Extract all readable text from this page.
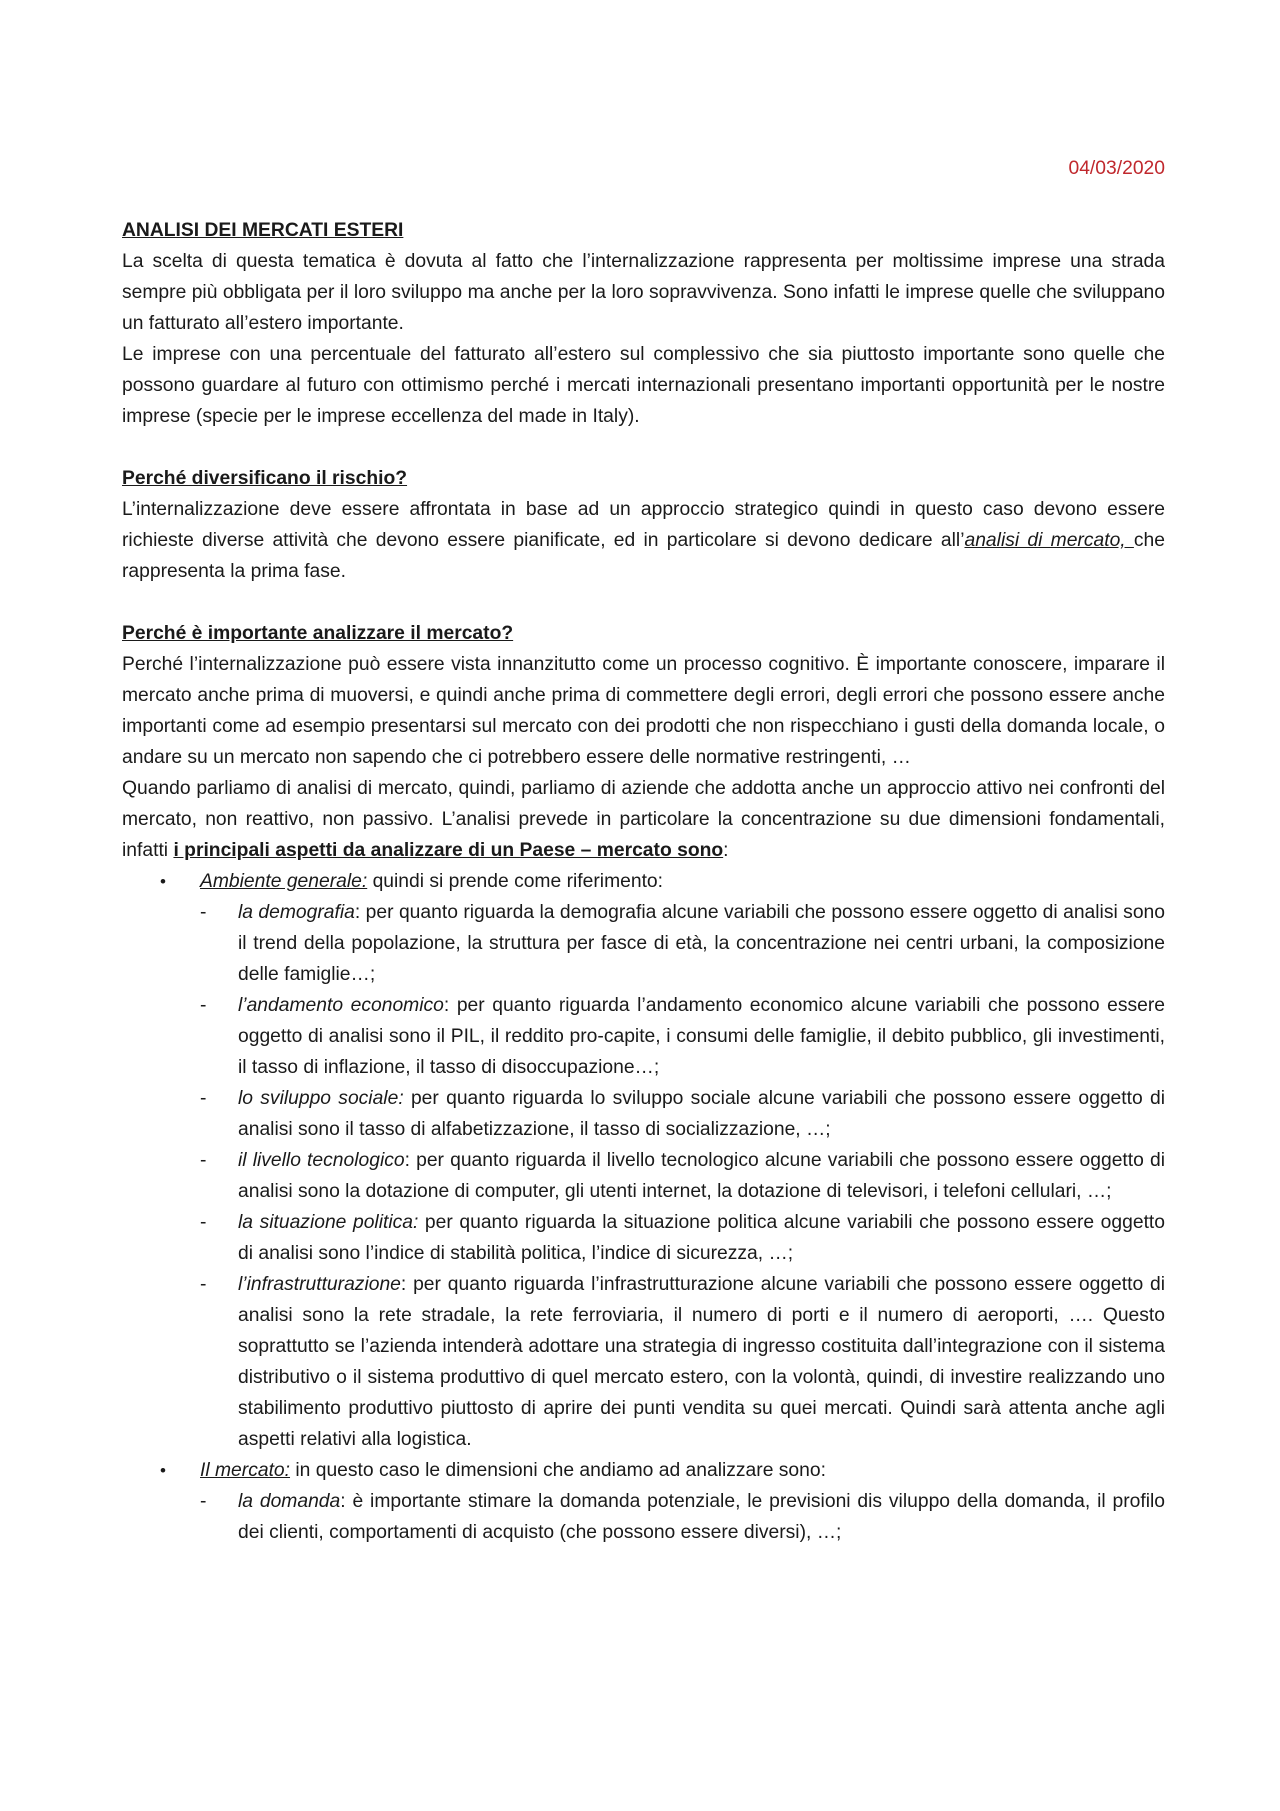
04/03/2020

ANALISI DEI MERCATI ESTERI

La scelta di questa tematica è dovuta al fatto che l’internalizzazione rappresenta per moltissime imprese una strada sempre più obbligata per il loro sviluppo ma anche per la loro sopravvivenza. Sono infatti le imprese quelle che sviluppano un fatturato all’estero importante.

Le imprese con una percentuale del fatturato all’estero sul complessivo che sia piuttosto importante sono quelle che possono guardare al futuro con ottimismo perché i mercati internazionali presentano importanti opportunità per le nostre imprese (specie per le imprese eccellenza del made in Italy).

Perché diversificano il rischio?

L’internalizzazione deve essere affrontata in base ad un approccio strategico quindi in questo caso devono essere richieste diverse attività che devono essere pianificate, ed in particolare si devono dedicare all’analisi di mercato, che rappresenta la prima fase.

Perché è importante analizzare il mercato?

Perché l’internalizzazione può essere vista innanzitutto come un processo cognitivo. È importante conoscere, imparare il mercato anche prima di muoversi, e quindi anche prima di commettere degli errori, degli errori che possono essere anche importanti come ad esempio presentarsi sul mercato con dei prodotti che non rispecchiano i gusti della domanda locale, o andare su un mercato non sapendo che ci potrebbero essere delle normative restringenti, …

Quando parliamo di analisi di mercato, quindi, parliamo di aziende che addotta anche un approccio attivo nei confronti del mercato, non reattivo, non passivo. L’analisi prevede in particolare la concentrazione su due dimensioni fondamentali, infatti i principali aspetti da analizzare di un Paese – mercato sono:

• Ambiente generale: quindi si prende come riferimento:
- la demografia: per quanto riguarda la demografia alcune variabili che possono essere oggetto di analisi sono il trend della popolazione, la struttura per fasce di età, la concentrazione nei centri urbani, la composizione delle famiglie…;
- l’andamento economico: per quanto riguarda l’andamento economico alcune variabili che possono essere oggetto di analisi sono il PIL, il reddito pro-capite, i consumi delle famiglie, il debito pubblico, gli investimenti, il tasso di inflazione, il tasso di disoccupazione…;
- lo sviluppo sociale: per quanto riguarda lo sviluppo sociale alcune variabili che possono essere oggetto di analisi sono il tasso di alfabetizzazione, il tasso di socializzazione, …;
- il livello tecnologico: per quanto riguarda il livello tecnologico alcune variabili che possono essere oggetto di analisi sono la dotazione di computer, gli utenti internet, la dotazione di televisori, i telefoni cellulari, …;
- la situazione politica: per quanto riguarda la situazione politica alcune variabili che possono essere oggetto di analisi sono l’indice di stabilità politica, l’indice di sicurezza, …;
- l’infrastrutturazione: per quanto riguarda l’infrastrutturazione alcune variabili che possono essere oggetto di analisi sono la rete stradale, la rete ferroviaria, il numero di porti e il numero di aeroporti, …. Questo soprattutto se l’azienda intenderà adottare una strategia di ingresso costituita dall’integrazione con il sistema distributivo o il sistema produttivo di quel mercato estero, con la volontà, quindi, di investire realizzando uno stabilimento produttivo piuttosto di aprire dei punti vendita su quei mercati. Quindi sarà attenta anche agli aspetti relativi alla logistica.
• Il mercato: in questo caso le dimensioni che andiamo ad analizzare sono:
- la domanda: è importante stimare la domanda potenziale, le previsioni dis viluppo della domanda, il profilo dei clienti, comportamenti di acquisto (che possono essere diversi), …;
